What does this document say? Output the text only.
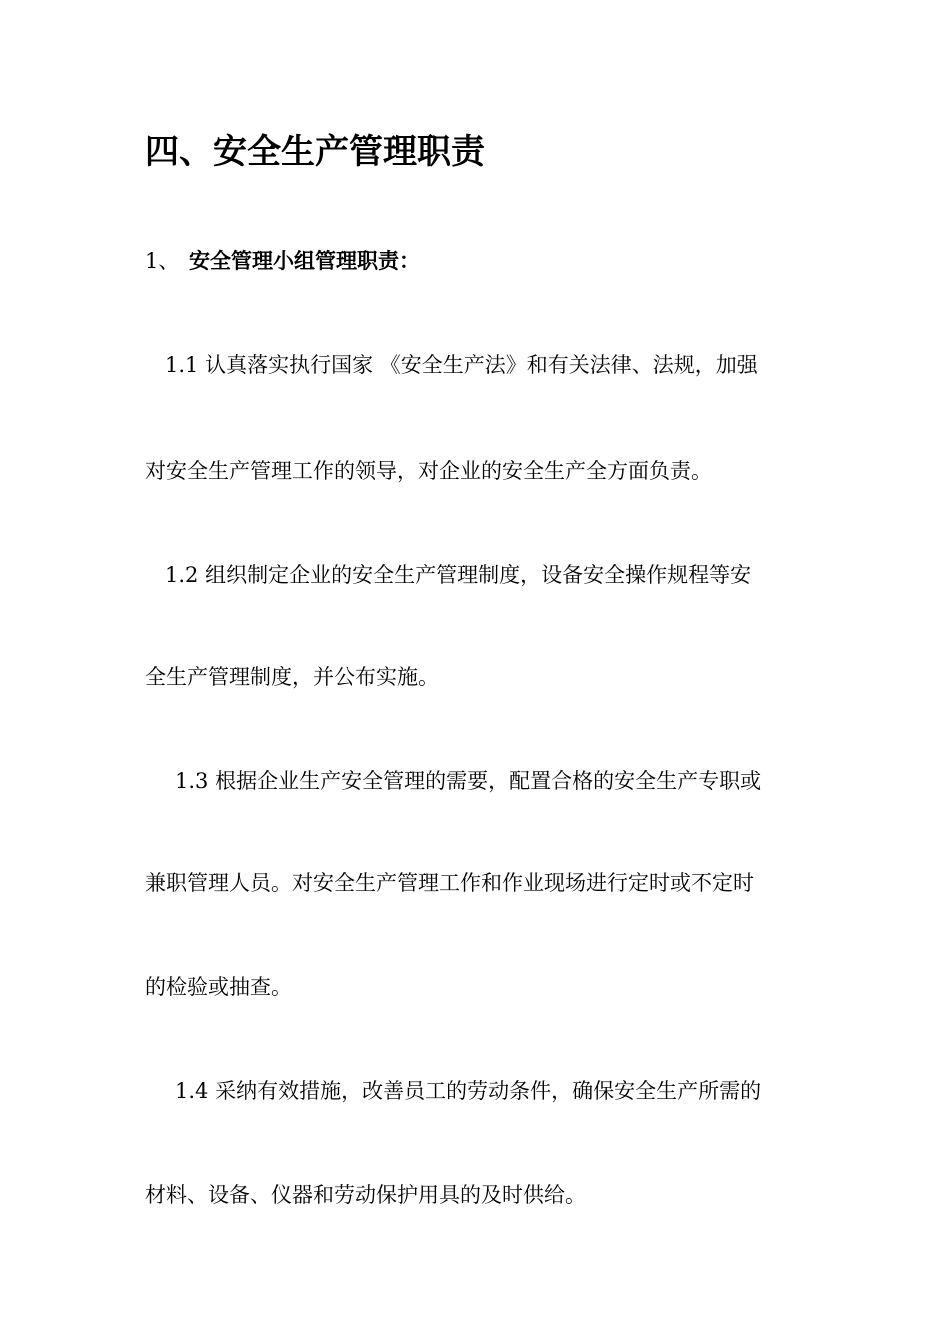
四、安全生产管理职责
1、 安全管理小组管理职责：
1.1 认真落实执行国家 《安全生产法》和有关法律、法规，加强
对安全生产管理工作的领导，对企业的安全生产全方面负责。
1.2 组织制定企业的安全生产管理制度，设备安全操作规程等安
全生产管理制度，并公布实施。
1.3 根据企业生产安全管理的需要，配置合格的安全生产专职或
兼职管理人员。对安全生产管理工作和作业现场进行定时或不定时
的检验或抽查。
1.4 采纳有效措施，改善员工的劳动条件，确保安全生产所需的
材料、设备、仪器和劳动保护用具的及时供给。
